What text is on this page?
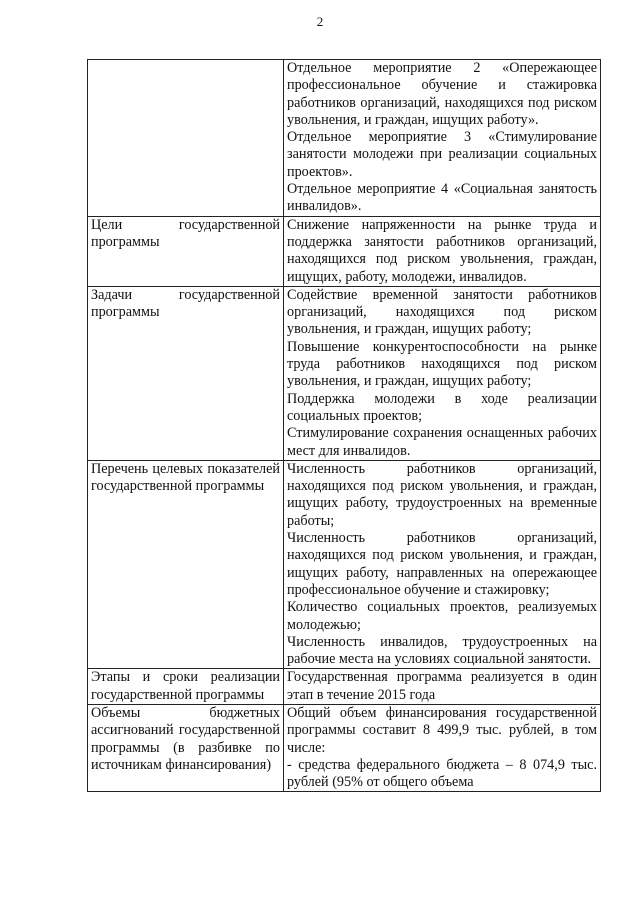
2

	Отдельное мероприятие 2 «Опережающее профессиональное обучение и стажировка работников организаций, находящихся под риском увольнения, и граждан, ищущих работу».

Отдельное мероприятие 3 «Стимулирование занятости молодежи при реализации социальных проектов».

Отдельное мероприятие 4 «Социальная занятость инвалидов».

Цели государственной программы	Снижение напряженности на рынке труда и поддержка занятости работников организаций, находящихся под риском увольнения, граждан, ищущих, работу, молодежи, инвалидов.

Задачи государственной программы	Содействие временной занятости работников организаций, находящихся под риском увольнения, и граждан, ищущих работу;

Повышение конкурентоспособности на рынке труда работников находящихся под риском увольнения, и граждан, ищущих работу;

Поддержка молодежи в ходе реализации социальных проектов;

Стимулирование сохранения оснащенных рабочих мест для инвалидов.

Перечень целевых показателей государственной программы	Численность работников организаций, находящихся под риском увольнения, и граждан, ищущих работу, трудоустроенных на временные работы;

Численность работников организаций, находящихся под риском увольнения, и граждан, ищущих работу, направленных на опережающее профессиональное обучение и стажировку;

Количество социальных проектов, реализуемых молодежью;

Численность инвалидов, трудоустроенных на рабочие места на условиях социальной занятости.

Этапы и сроки реализации государственной программы	Государственная программа реализуется в один этап в течение 2015 года

Объемы бюджетных ассигнований государственной программы (в разбивке по источникам финансирования)	Общий объем финансирования государственной программы составит 8 499,9 тыс. рублей, в том числе:

- средства федерального бюджета – 8 074,9 тыс. рублей (95% от общего объема
